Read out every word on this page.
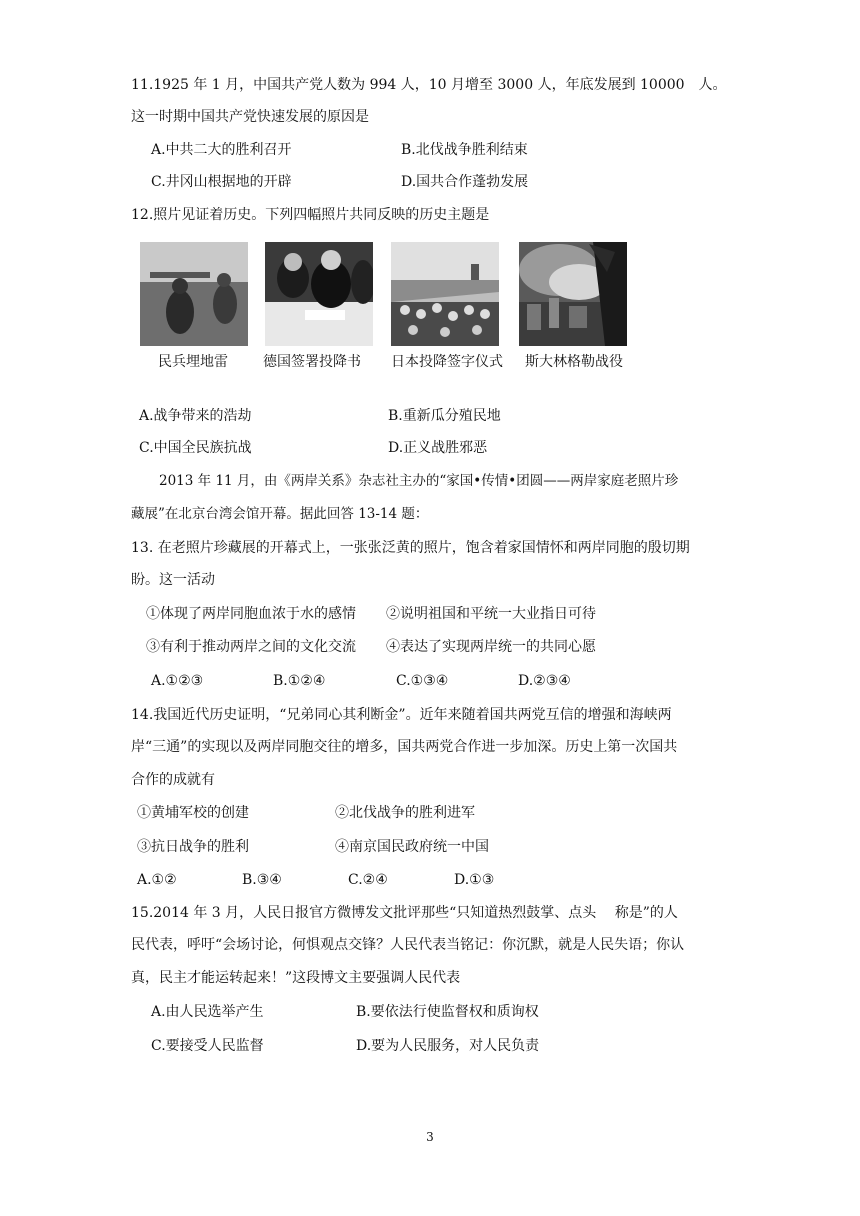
11.1925 年 1 月，中国共产党人数为 994 人，10 月增至 3000 人，年底发展到 10000　人。
这一时期中国共产党快速发展的原因是
A.中共二大的胜利召开	B.北伐战争胜利结束
C.井冈山根据地的开辟	D.国共合作蓬勃发展
12.照片见证着历史。下列四幅照片共同反映的历史主题是
民兵埋地雷	德国签署投降书 日本投降签字仪式 斯大林格勒战役
A.战争带来的浩劫	B.重新瓜分殖民地
C.中国全民族抗战	D.正义战胜邪恶
2013 年 11 月，由《两岸关系》杂志社主办的“家国•传情•团圆——两岸家庭老照片珍
藏展”在北京台湾会馆开幕。据此回答 13-14 题：
13. 在老照片珍藏展的开幕式上，一张张泛黄的照片，饱含着家国情怀和两岸同胞的殷切期
盼。这一活动
①体现了两岸同胞血浓于水的感情 ②说明祖国和平统一大业指日可待
③有利于推动两岸之间的文化交流 ④表达了实现两岸统一的共同心愿
A.①②③	B.①②④	C.①③④	D.②③④
14.我国近代历史证明，“兄弟同心其利断金”。近年来随着国共两党互信的增强和海峡两
岸“三通”的实现以及两岸同胞交往的增多，国共两党合作进一步加深。历史上第一次国共
合作的成就有
①黄埔军校的创建	②北伐战争的胜利进军
③抗日战争的胜利	④南京国民政府统一中国
A.①②	B.③④	C.②④	D.①③
15.2014 年 3 月，人民日报官方微博发文批评那些“只知道热烈鼓掌、点头　 称是”的人
民代表，呼吁“会场讨论，何惧观点交锋？人民代表当铭记：你沉默，就是人民失语；你认
真，民主才能运转起来！”这段博文主要强调人民代表
A.由人民选举产生	B.要依法行使监督权和质询权
C.要接受人民监督	D.要为人民服务，对人民负责
3
